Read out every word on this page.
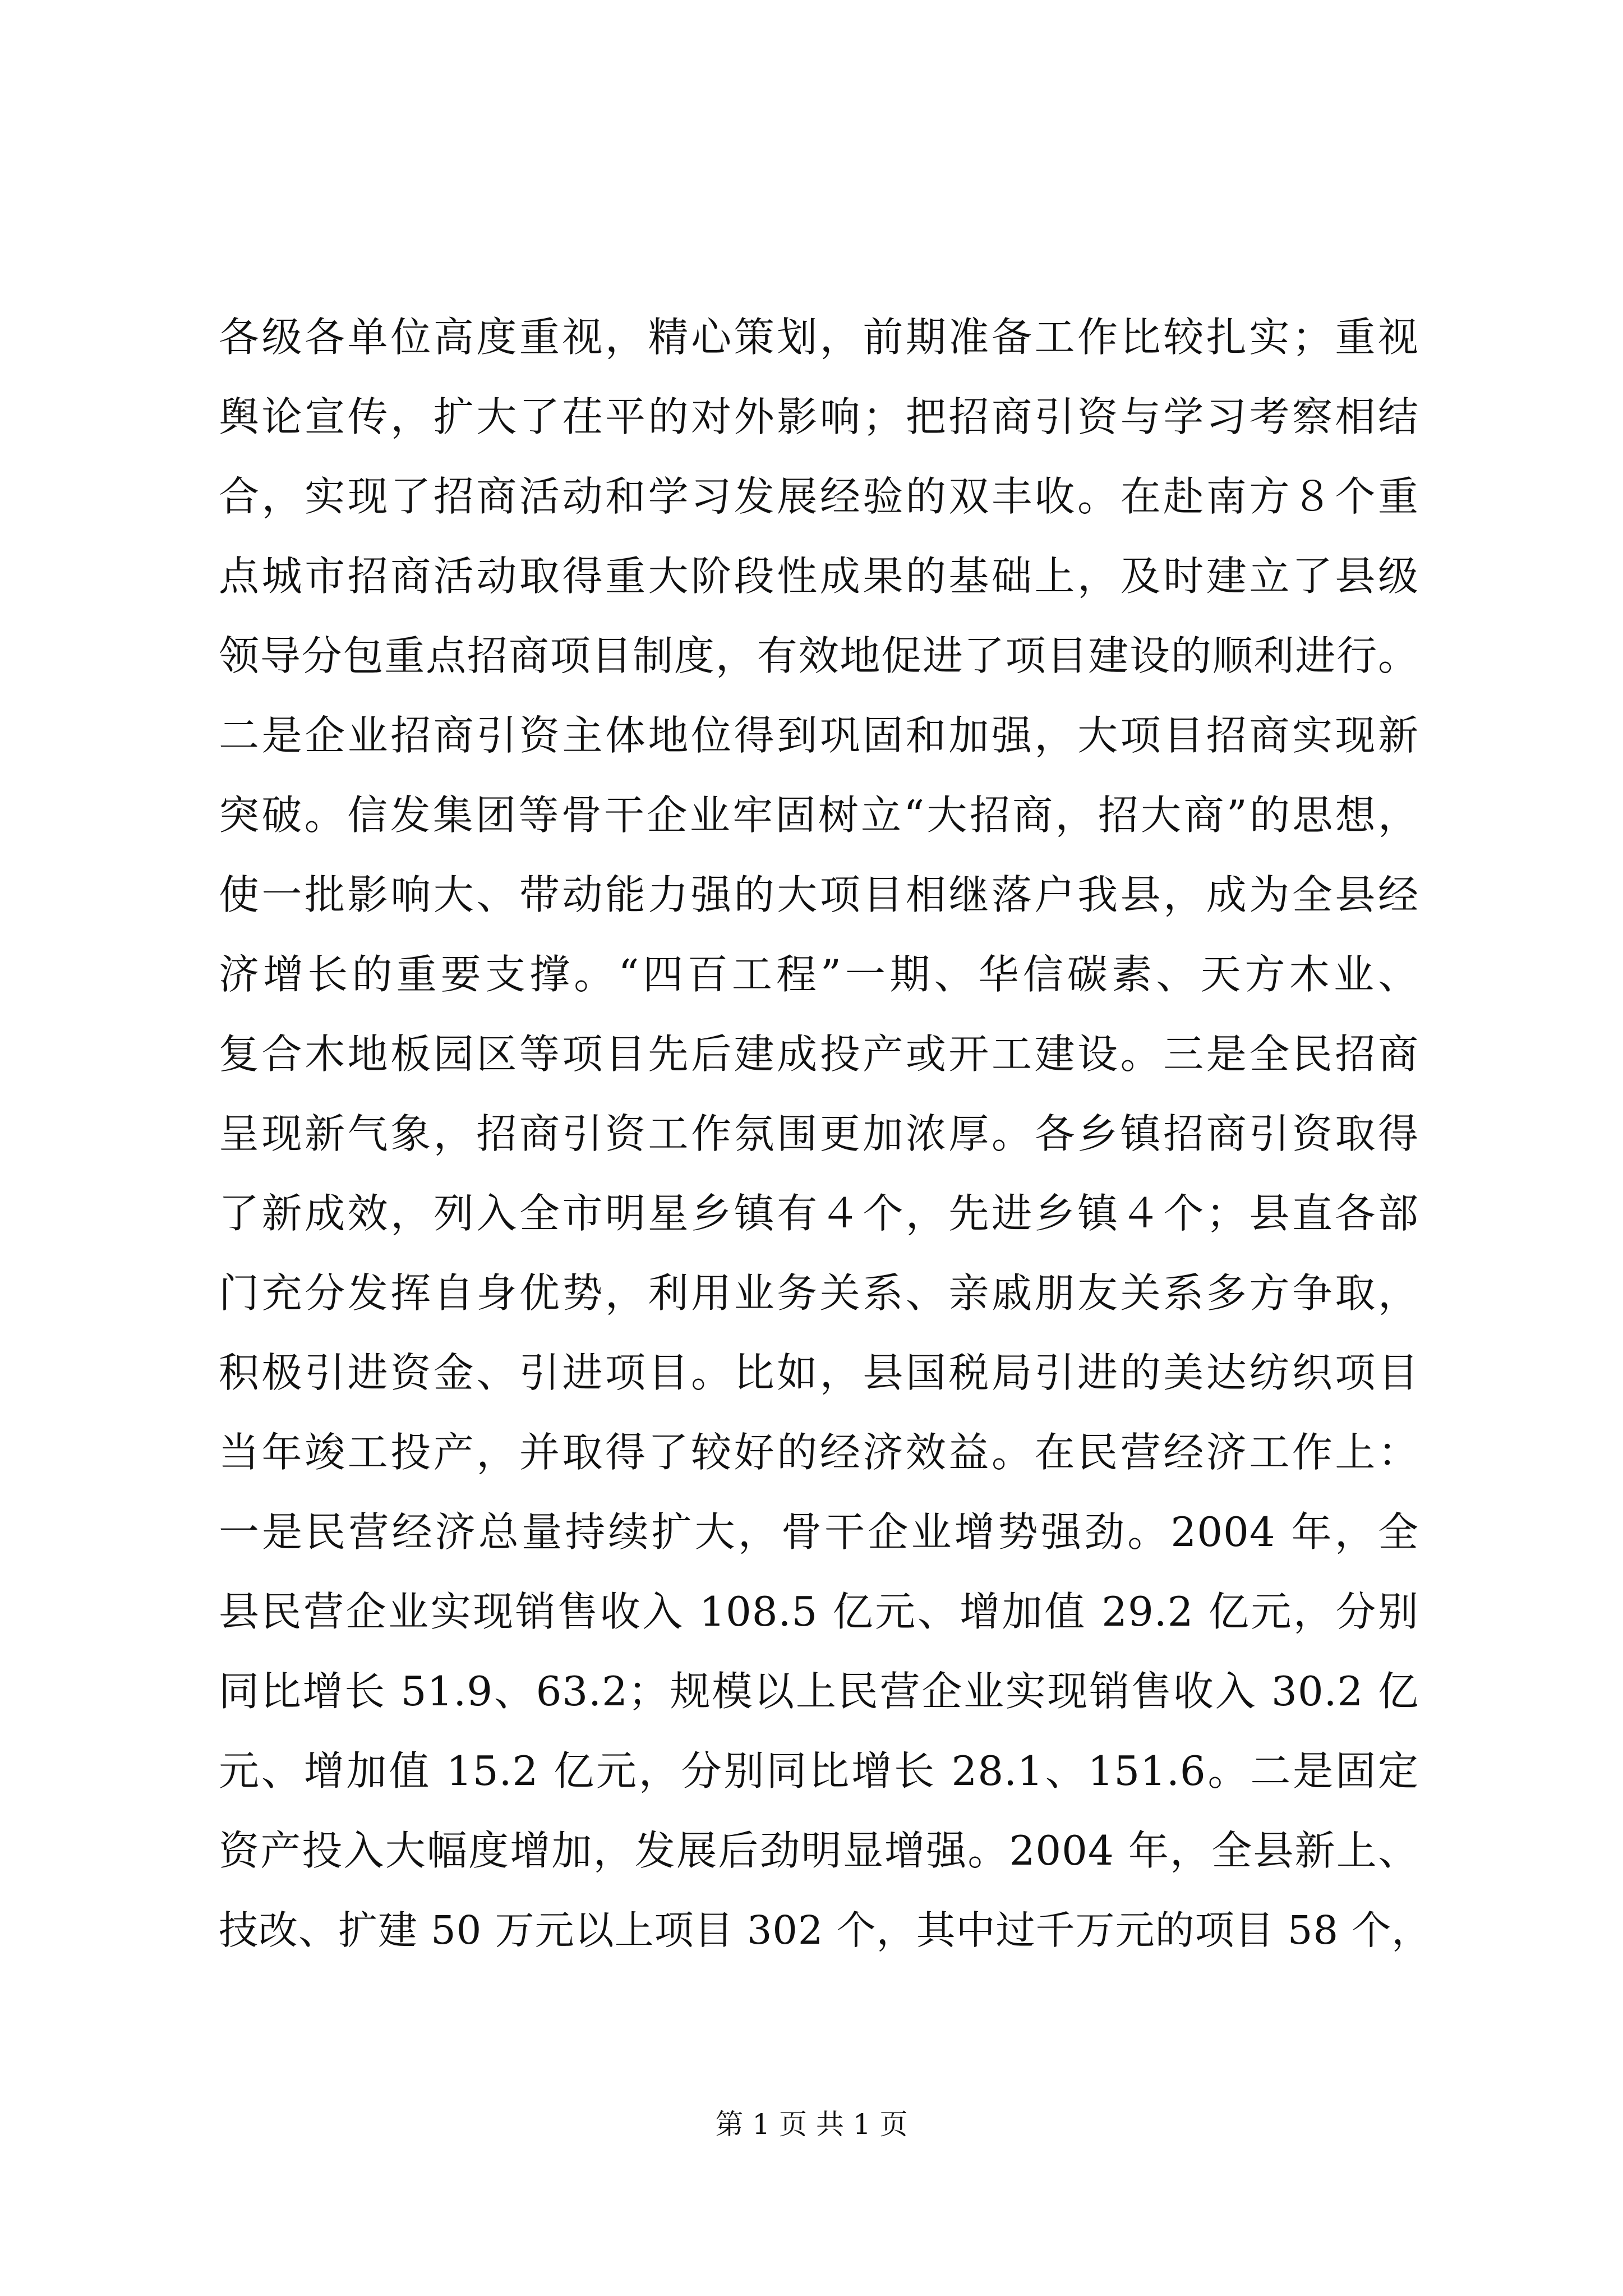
各级各单位高度重视，精心策划，前期准备工作比较扎实；重视
舆论宣传，扩大了茌平的对外影响；把招商引资与学习考察相结
合，实现了招商活动和学习发展经验的双丰收。在赴南方８个重
点城市招商活动取得重大阶段性成果的基础上，及时建立了县级
领导分包重点招商项目制度，有效地促进了项目建设的顺利进行。
二是企业招商引资主体地位得到巩固和加强，大项目招商实现新
突破。信发集团等骨干企业牢固树立“大招商，招大商”的思想，
使一批影响大、带动能力强的大项目相继落户我县，成为全县经
济增长的重要支撑。“四百工程”一期、华信碳素、天方木业、
复合木地板园区等项目先后建成投产或开工建设。三是全民招商
呈现新气象，招商引资工作氛围更加浓厚。各乡镇招商引资取得
了新成效，列入全市明星乡镇有４个，先进乡镇４个；县直各部
门充分发挥自身优势，利用业务关系、亲戚朋友关系多方争取，
积极引进资金、引进项目。比如，县国税局引进的美达纺织项目
当年竣工投产，并取得了较好的经济效益。在民营经济工作上：
一是民营经济总量持续扩大，骨干企业增势强劲。2004 年，全
县民营企业实现销售收入 108.5 亿元、增加值 29.2 亿元，分别
同比增长 51.9、63.2；规模以上民营企业实现销售收入 30.2 亿
元、增加值 15.2 亿元，分别同比增长 28.1、151.6。二是固定
资产投入大幅度增加，发展后劲明显增强。2004 年，全县新上、
技改、扩建 50 万元以上项目 302 个，其中过千万元的项目 58 个，
第 1 页 共 1 页
